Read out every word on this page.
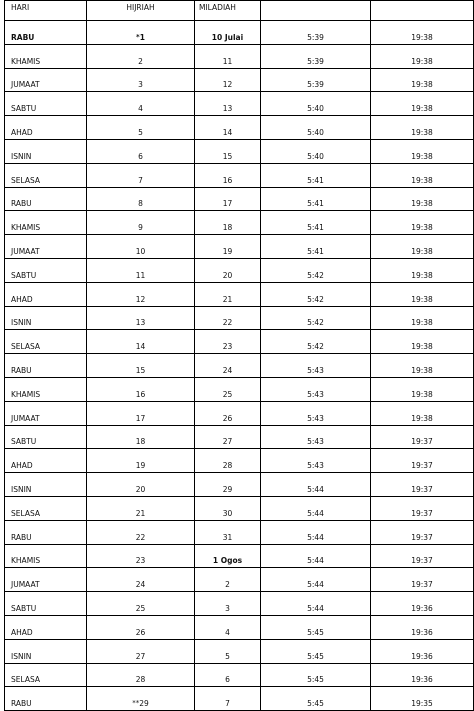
HARI	HIJRIAH	MILADIAH		
RABU	*1	10 Julai	5:39	19:38
KHAMIS	2	11	5:39	19:38
JUMAAT	3	12	5:39	19:38
SABTU	4	13	5:40	19:38
AHAD	5	14	5:40	19:38
ISNIN	6	15	5:40	19:38
SELASA	7	16	5:41	19:38
RABU	8	17	5:41	19:38
KHAMIS	9	18	5:41	19:38
JUMAAT	10	19	5:41	19:38
SABTU	11	20	5:42	19:38
AHAD	12	21	5:42	19:38
ISNIN	13	22	5:42	19:38
SELASA	14	23	5:42	19:38
RABU	15	24	5:43	19:38
KHAMIS	16	25	5:43	19:38
JUMAAT	17	26	5:43	19:38
SABTU	18	27	5:43	19:37
AHAD	19	28	5:43	19:37
ISNIN	20	29	5:44	19:37
SELASA	21	30	5:44	19:37
RABU	22	31	5:44	19:37
KHAMIS	23	1 Ogos	5:44	19:37
JUMAAT	24	2	5:44	19:37
SABTU	25	3	5:44	19:36
AHAD	26	4	5:45	19:36
ISNIN	27	5	5:45	19:36
SELASA	28	6	5:45	19:36
RABU	**29	7	5:45	19:35
